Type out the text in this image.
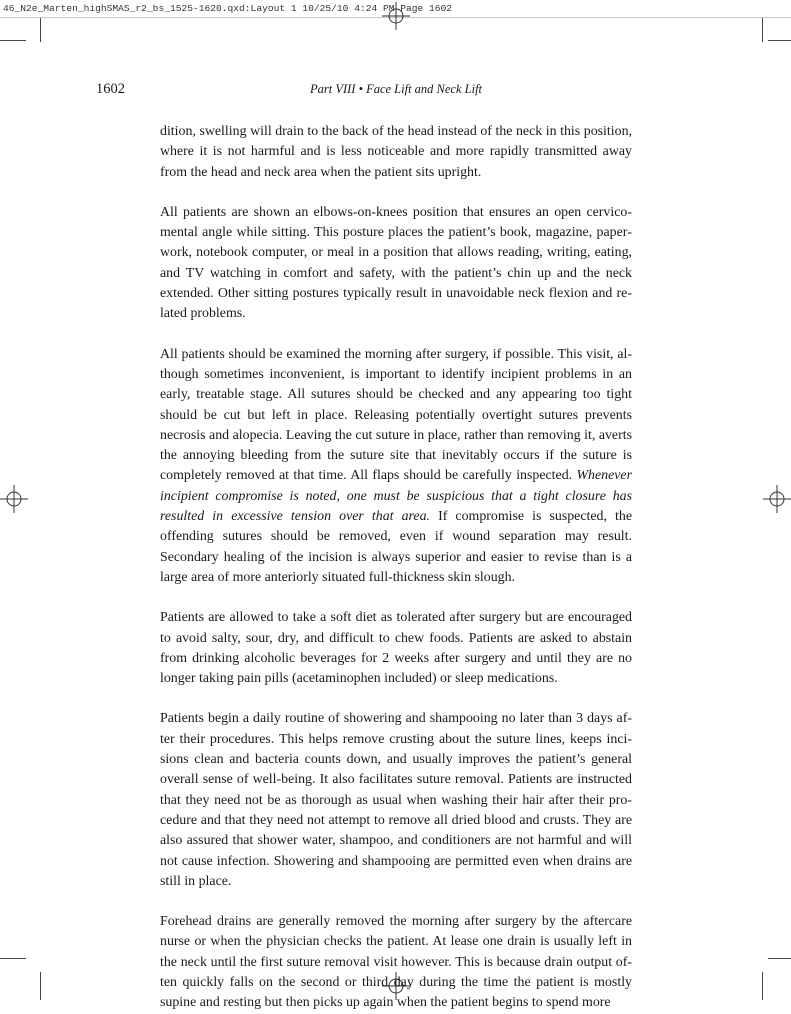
46_N2e_Marten_highSMAS_r2_bs_1525-1620.qxd:Layout 1 10/25/10 4:24 PM Page 1602
1602	Part VIII • Face Lift and Neck Lift

dition, swelling will drain to the back of the head instead of the neck in this position, where it is not harmful and is less noticeable and more rapidly transmitted away from the head and neck area when the patient sits upright.

All patients are shown an elbows-on-knees position that ensures an open cervicomental angle while sitting. This posture places the patient’s book, magazine, paperwork, notebook computer, or meal in a position that allows reading, writing, eating, and TV watching in comfort and safety, with the patient’s chin up and the neck extended. Other sitting postures typically result in unavoidable neck flexion and related problems.

All patients should be examined the morning after surgery, if possible. This visit, although sometimes inconvenient, is important to identify incipient problems in an early, treatable stage. All sutures should be checked and any appearing too tight should be cut but left in place. Releasing potentially overtight sutures prevents necrosis and alopecia. Leaving the cut suture in place, rather than removing it, averts the annoying bleeding from the suture site that inevitably occurs if the suture is completely removed at that time. All flaps should be carefully inspected. Whenever incipient compromise is noted, one must be suspicious that a tight closure has resulted in excessive tension over that area. If compromise is suspected, the offending sutures should be removed, even if wound separation may result. Secondary healing of the incision is always superior and easier to revise than is a large area of more anteriorly situated full-thickness skin slough.

Patients are allowed to take a soft diet as tolerated after surgery but are encouraged to avoid salty, sour, dry, and difficult to chew foods. Patients are asked to abstain from drinking alcoholic beverages for 2 weeks after surgery and until they are no longer taking pain pills (acetaminophen included) or sleep medications.

Patients begin a daily routine of showering and shampooing no later than 3 days after their procedures. This helps remove crusting about the suture lines, keeps incisions clean and bacteria counts down, and usually improves the patient’s general overall sense of well-being. It also facilitates suture removal. Patients are instructed that they need not be as thorough as usual when washing their hair after their procedure and that they need not attempt to remove all dried blood and crusts. They are also assured that shower water, shampoo, and conditioners are not harmful and will not cause infection. Showering and shampooing are permitted even when drains are still in place.

Forehead drains are generally removed the morning after surgery by the aftercare nurse or when the physician checks the patient. At lease one drain is usually left in the neck until the first suture removal visit however. This is because drain output often quickly falls on the second or third day during the time the patient is mostly supine and resting but then picks up again when the patient begins to spend more
